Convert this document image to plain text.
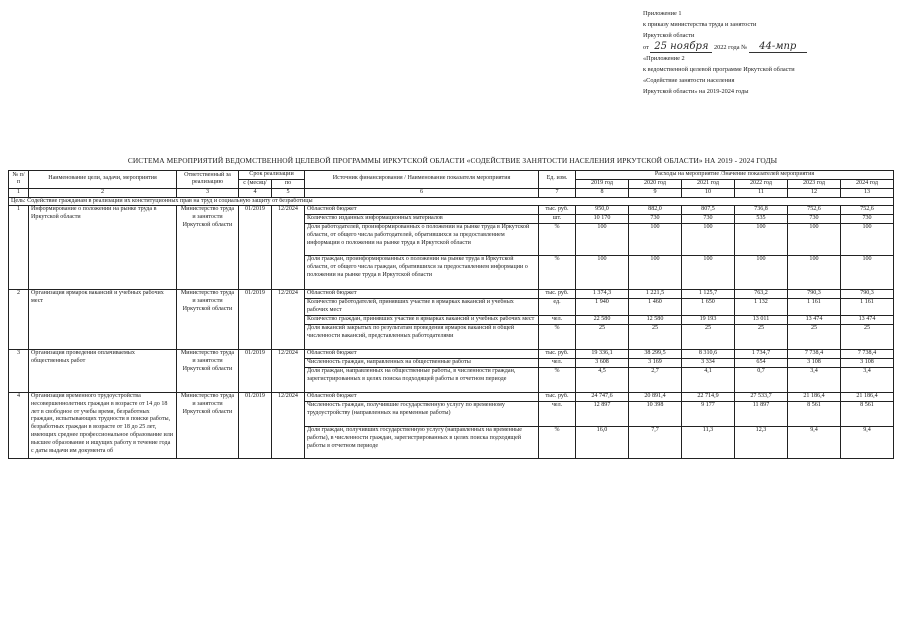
Приложение 1
к приказу министерства труда и занятости
Иркутской области
от
25 ноября
2022 года №
	44-мпр
«Приложение 2
к ведомственной целевой программе Иркутской области
«Содействие занятости населения
Иркутской области» на 2019-2024 годы
СИСТЕМА МЕРОПРИЯТИЙ ВЕДОМСТВЕННОЙ ЦЕЛЕВОЙ ПРОГРАММЫ ИРКУТСКОЙ ОБЛАСТИ «СОДЕЙСТВИЕ ЗАНЯТОСТИ НАСЕЛЕНИЯ ИРКУТСКОЙ ОБЛАСТИ» НА 2019 - 2024 ГОДЫ
№ п/п	Наименование цели, задачи, мероприятия	Ответственный за реализацию	Срок реализации		Источник финансирования / Наименование показателя мероприятия	Ед. изм.	Расходы на мероприятие /Значение показателей мероприятия					
			с (месяц/	по			2019 год	2020 год	2021 год	2022 год	2023 год	2024 год
1	2	3	4	5	6	7	8	9	10	11	12	13
Цель: Содействие гражданам в реализации их конституционных прав на труд и социальную защиту от безработицы												
1	Информирование о положении на рынке труда в Иркутской области	Министерство труда и занятости Иркутской области	01/2019	12/2024	Областной бюджет	тыс. руб.	950,0	882,0	807,5	736,8	752,6	752,6
					Количество изданных информационных материалов	шт.	10 170	730	730	535	730	730
					Доля работодателей, проинформированных о положении на рынке труда в Иркутской области, от общего числа работодателей, обратившихся за предоставлением информации о положении на рынке труда в Иркутской области	%	100	100	100	100	100	100
					Доля граждан, проинформированных о положении на рынке труда в Иркутской области, от общего числа граждан, обратившихся за предоставлением информации о положении на рынке труда в Иркутской области	%	100	100	100	100	100	100
2	Организация ярмарок вакансий и учебных рабочих мест	Министерство труда и занятости Иркутской области	01/2019	12/2024	Областной бюджет	тыс. руб.	1 374,3	1 221,5	1 125,7	763,2	790,3	790,3
					Количество работодателей, принявших участие в ярмарках вакансий и учебных рабочих мест	ед.	1 940	1 460	1 650	1 132	1 161	1 161
					Количество граждан, принявших участие в ярмарках вакансий и учебных рабочих мест	чел.	22 580	12 580	19 193	13 011	13 474	13 474
					Доля вакансий закрытых по результатам проведения ярмарок вакансий в общей численности вакансий, представленных работодателями	%	25	25	25	25	25	25
3	Организация проведения оплачиваемых общественных работ	Министерство труда и занятости Иркутской области	01/2019	12/2024	Областной бюджет	тыс. руб.	19 336,1	38 299,5	8 310,6	1 734,7	7 738,4	7 738,4
					Численность граждан, направленных на общественные работы	чел.	3 608	3 169	3 334	654	3 108	3 108
					Доля граждан, направленных на общественные работы, в численности граждан, зарегистрированных в целях поиска подходящей работы в отчетном периоде	%	4,5	2,7	4,1	0,7	3,4	3,4
4	Организация временного трудоустройства несовершеннолетних граждан в возрасте от 14 до 18 лет в свободное от учебы время, безработных граждан, испытывающих трудности в поиске работы, безработных граждан в возрасте от 18 до 25 лет, имеющих среднее профессиональное образование или высшее образование и ищущих работу в течение года с даты выдачи им документа об	Министерство труда и занятости Иркутской области	01/2019	12/2024	Областной бюджет	тыс. руб.	24 747,6	20 891,4	22 714,9	27 533,7	21 186,4	21 186,4
					Численность граждан, получившие государственную услугу по временному трудоустройству (направленных на временные работы)	чел.	12 897	10 398	9 177	11 897	8 561	8 561
					Доля граждан, получивших государственную услугу (направленных на временные работы), в численности граждан, зарегистрированных в целях поиска подходящей работы в отчетном периоде	%	16,0	7,7	11,3	12,3	9,4	9,4
